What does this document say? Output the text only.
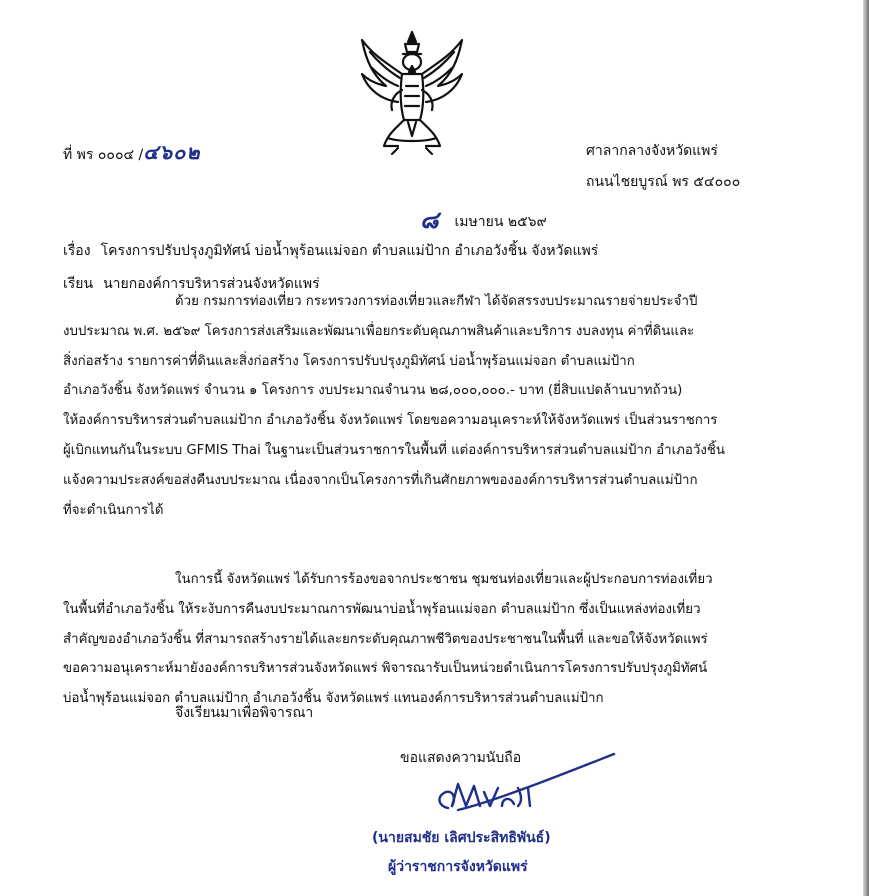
ที่ พร ๐๐๐๔ /๔๖๐๒	ศาลากลางจังหวัดแพร่
ถนนไชยบูรณ์ พร ๕๔๐๐๐
๘ เมษายน ๒๕๖๙
เรื่อง โครงการปรับปรุงภูมิทัศน์ บ่อน้ำพุร้อนแม่จอก ตำบลแม่ป้าก อำเภอวังชิ้น จังหวัดแพร่
เรียน นายกองค์การบริหารส่วนจังหวัดแพร่
ด้วย กรมการท่องเที่ยว กระทรวงการท่องเที่ยวและกีฬา ได้จัดสรรงบประมาณรายจ่ายประจำปี
งบประมาณ พ.ศ. ๒๕๖๙ โครงการส่งเสริมและพัฒนาเพื่อยกระดับคุณภาพสินค้าและบริการ งบลงทุน ค่าที่ดินและ
สิ่งก่อสร้าง รายการค่าที่ดินและสิ่งก่อสร้าง โครงการปรับปรุงภูมิทัศน์ บ่อน้ำพุร้อนแม่จอก ตำบลแม่ป้าก
อำเภอวังชิ้น จังหวัดแพร่ จำนวน ๑ โครงการ งบประมาณจำนวน ๒๘,๐๐๐,๐๐๐.- บาท (ยี่สิบแปดล้านบาทถ้วน)
ให้องค์การบริหารส่วนตำบลแม่ป้าก อำเภอวังชิ้น จังหวัดแพร่ โดยขอความอนุเคราะห์ให้จังหวัดแพร่ เป็นส่วนราชการ
ผู้เบิกแทนกันในระบบ GFMIS Thai ในฐานะเป็นส่วนราชการในพื้นที่ แต่องค์การบริหารส่วนตำบลแม่ป้าก อำเภอวังชิ้น
แจ้งความประสงค์ขอส่งคืนงบประมาณ เนื่องจากเป็นโครงการที่เกินศักยภาพขององค์การบริหารส่วนตำบลแม่ป้าก
ที่จะดำเนินการได้
ในการนี้ จังหวัดแพร่ ได้รับการร้องขอจากประชาชน ชุมชนท่องเที่ยวและผู้ประกอบการท่องเที่ยว
ในพื้นที่อำเภอวังชิ้น ให้ระงับการคืนงบประมาณการพัฒนาบ่อน้ำพุร้อนแม่จอก ตำบลแม่ป้าก ซึ่งเป็นแหล่งท่องเที่ยว
สำคัญของอำเภอวังชิ้น ที่สามารถสร้างรายได้และยกระดับคุณภาพชีวิตของประชาชนในพื้นที่ และขอให้จังหวัดแพร่
ขอความอนุเคราะห์มายังองค์การบริหารส่วนจังหวัดแพร่ พิจารณารับเป็นหน่วยดำเนินการโครงการปรับปรุงภูมิทัศน์
บ่อน้ำพุร้อนแม่จอก ตำบลแม่ป้าก อำเภอวังชิ้น จังหวัดแพร่ แทนองค์การบริหารส่วนตำบลแม่ป้าก
จึงเรียนมาเพื่อพิจารณา
ขอแสดงความนับถือ
(นายสมชัย เลิศประสิทธิพันธ์)
ผู้ว่าราชการจังหวัดแพร่
